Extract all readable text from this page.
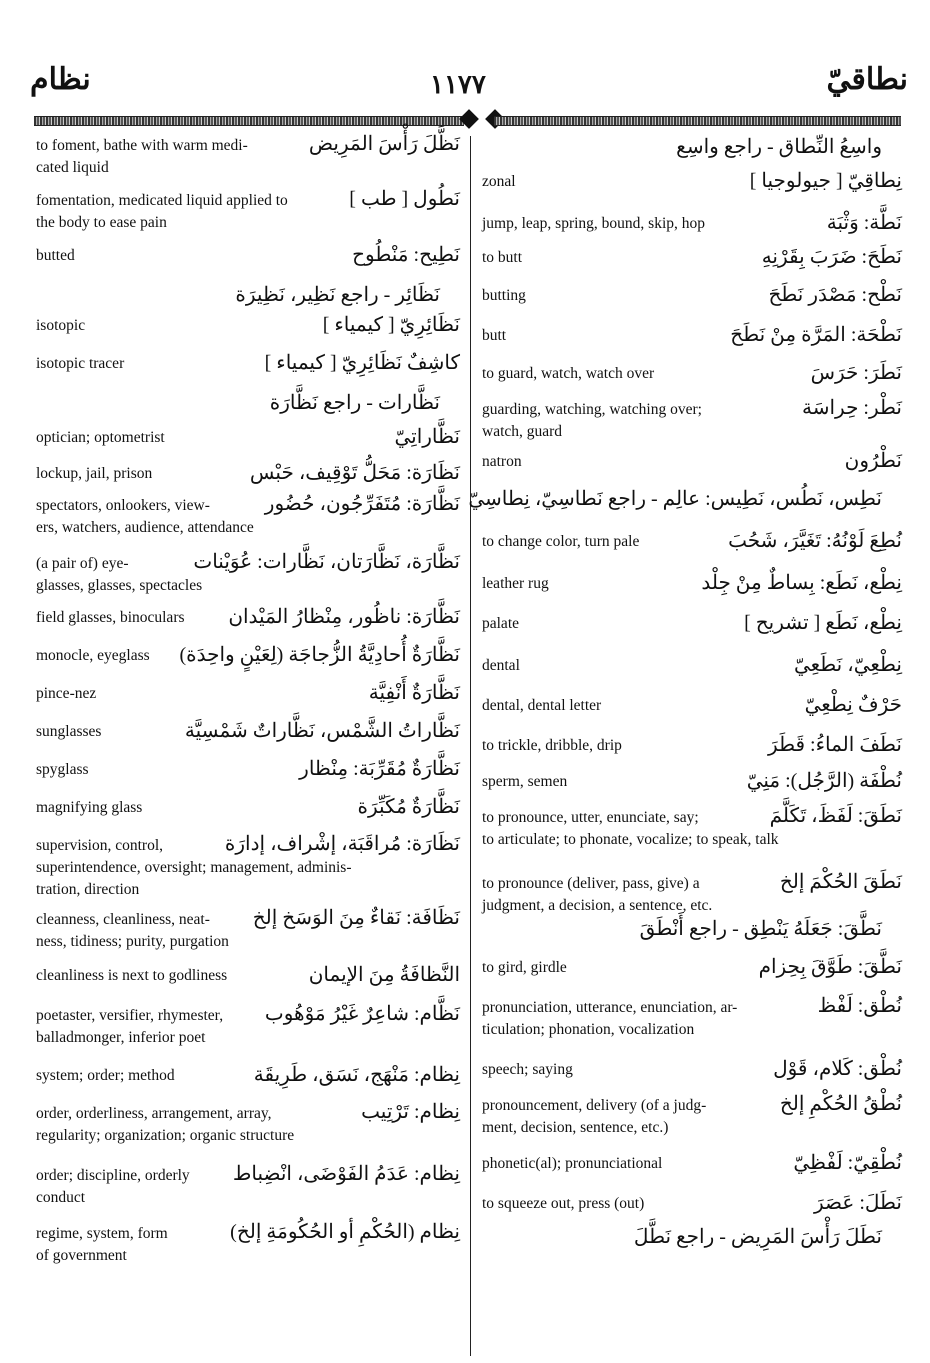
نظام	١١٧٧	نطاقيّ
to foment, bathe with warm medi-
cated liquid
نَظَّلَ رَأْسَ المَرِيض
fomentation, medicated liquid applied to
the body to ease pain
نَطُول [ طب ]
butted	نَطِيح: مَنْطُوح
نَظَائِر - راجع نَظِير، نَظِيرَة
isotopic	نَظَائِرِيّ [ كيمياء ]
isotopic tracer	كاشِفٌ نَظَائِرِيّ [ كيمياء ]
نَظَّارات - راجع نَظَّارَة
optician; optometrist	نَظَّاراتِيّ
lockup, jail, prison	نَظَارَة: مَحَلُّ تَوْقِيف، حَبْس
spectators, onlookers, view-
ers, watchers, audience, attendance
نَظَّارَة: مُتَفَرِّجُون، حُضُور
(a pair of) eye-
glasses, glasses, spectacles
نَظَّارَة، نَظَّارَتان، نَظَّارات: عُوَيْنات
field glasses, binoculars نَظَّارَة: ناظُور، مِنْظارُ المَيْدان
monocle, eyeglass نَظَّارَةٌ أُحادِيَّةُ الزُّجاجَة (لِعَيْنٍ واحِدَة)
pince-nez	نَظَّارَةٌ أَنْفِيَّة
sunglasses	نَظَّاراتُ الشَّمْس، نَظَّاراتٌ شَمْسِيَّة
spyglass	نَظَّارَةٌ مُقَرِّبَة: مِنْظار
magnifying glass	نَظَّارَةٌ مُكَبِّرَة
supervision, control,
superintendence, oversight; management, adminis-
tration, direction
نَظَارَة: مُراقَبَة، إشْراف، إدارَة
cleanness, cleanliness, neat-
ness, tidiness; purity, purgation
نَظَافَة: نَقاءٌ مِنَ الوَسَخ إلخ
cleanliness is next to godliness	النَّظافَةُ مِنَ الإيمان
poetaster, versifier, rhymester,
balladmonger, inferior poet
نَظَّام: شاعِرٌ غَيْرُ مَوْهُوب
system; order; method	نِظام: مَنْهَج، نَسَق، طَرِيقَة
order, orderliness, arrangement, array,
regularity; organization; organic structure
نِظام: تَرْتِيب
order; discipline, orderly
conduct
نِظام: عَدَمُ الفَوْضَى، انْضِباط
regime, system, form
of government
نِظام (الحُكْمِ أو الحُكُومَةِ إلخ)
واسِعُ النِّطاق - راجع واسِع
zonal	نِطاقِيّ [ جيولوجيا ]
jump, leap, spring, bound, skip, hop	نَطَّة: وَثْبَة
to butt	نَطَحَ: ضَرَبَ بِقَرْنِهِ
butting	نَطْح: مَصْدَر نَطَحَ
butt	نَطْحَة: المَرَّة مِنْ نَطَحَ
to guard, watch, watch over	نَطَرَ: حَرَسَ
guarding, watching, watching over;
watch, guard
نَطْر: حِراسَة
natron	نَطْرُون
نَطِس، نَطُس، نَطِيس: عالِم - راجع نَطاسِيّ، نِطاسِيّ
to change color, turn pale	نُطِعَ لَوْنُهُ: تَغَيَّرَ، شَحُبَ
leather rug	نِطْع، نَطَع: بِساطٌ مِنْ جِلْد
palate	نِطْع، نَطَع [ تشريح ]
dental	نِطْعِيّ، نَطَعِيّ
dental, dental letter	حَرْفٌ نِطْعِيّ
to trickle, dribble, drip	نَطَفَ الماءُ: قَطَرَ
sperm, semen	نُطْفَة (الرَّجُل): مَنِيّ
to pronounce, utter, enunciate, say;
to articulate; to phonate, vocalize; to speak, talk
نَطَقَ: لَفَظَ، تَكَلَّمَ
to pronounce (deliver, pass, give) a
judgment, a decision, a sentence, etc.
نَطَقَ الحُكْمَ إلخ
نَطَّقَ: جَعَلَهُ يَنْطِق - راجع أَنْطَقَ
to gird, girdle	نَطَّقَ: طَوَّقَ بِحِزام
pronunciation, utterance, enunciation, ar-
ticulation; phonation, vocalization
نُطْق: لَفْظ
speech; saying	نُطْق: كَلام، قَوْل
pronouncement, delivery (of a judg-
ment, decision, sentence, etc.)
نُطْقُ الحُكْمِ إلخ
phonetic(al); pronunciational	نُطْقِيّ: لَفْظِيّ
to squeeze out, press (out)	نَطَلَ: عَصَرَ
نَطَلَ رَأْسَ المَرِيض - راجع نَطَّلَ
